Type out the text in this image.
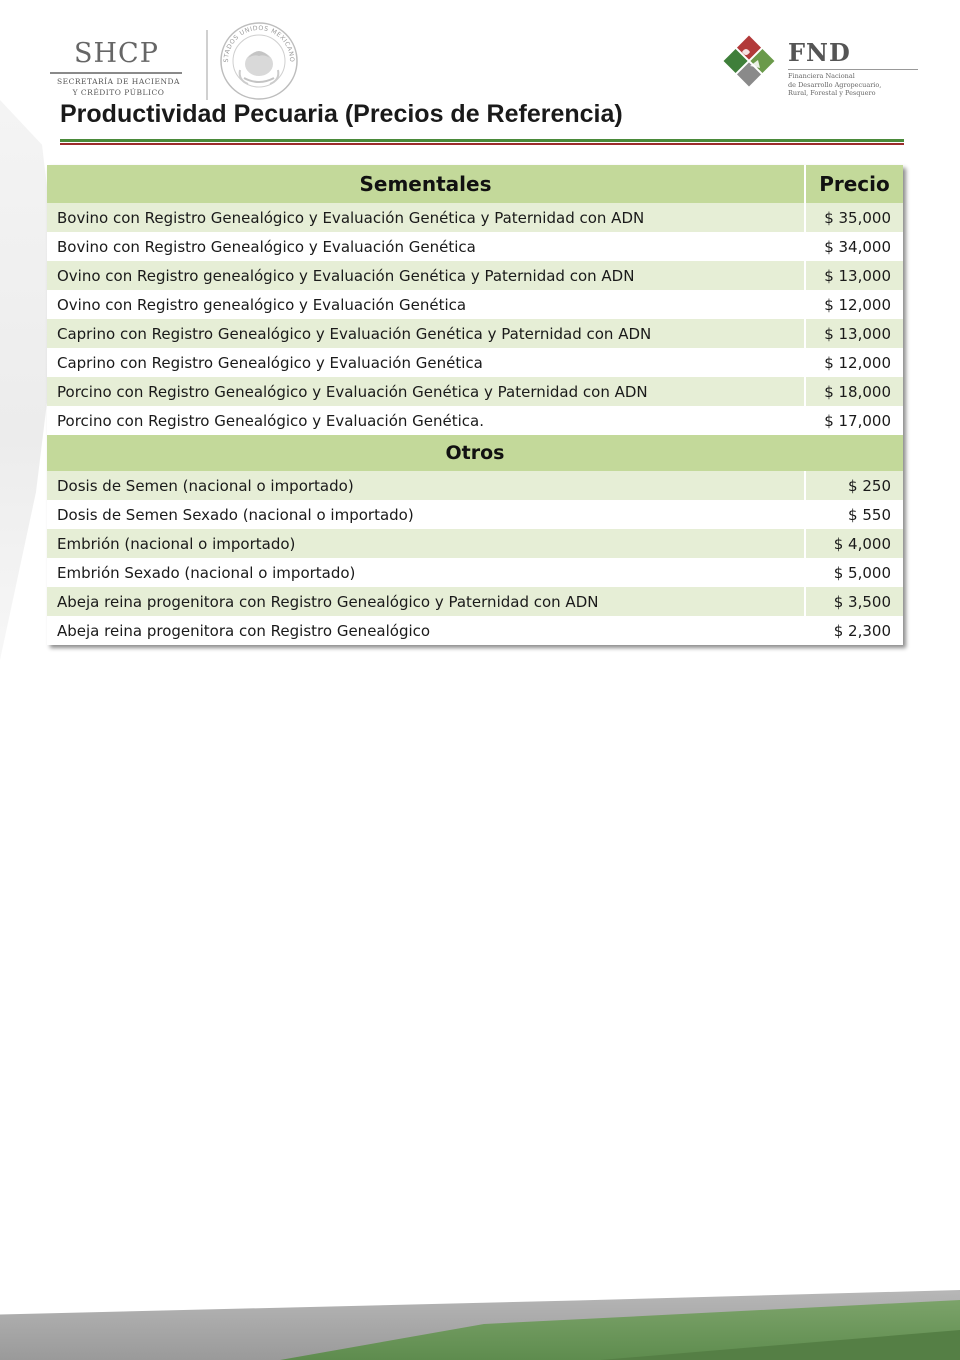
SHCP
SECRETARÍA DE HACIENDA
Y CRÉDITO PÚBLICO
STADOS UNIDOS MEXICANO	FND
Financiera Nacional
de Desarrollo Agropecuario,
Rural, Forestal y Pesquero
Productividad Pecuaria (Precios de Referencia)
Sementales	Precio
Bovino con Registro Genealógico y Evaluación Genética y Paternidad con ADN	$ 35,000
Bovino con Registro Genealógico y Evaluación Genética	$ 34,000
Ovino con Registro genealógico y Evaluación Genética y Paternidad con ADN	$ 13,000
Ovino con Registro genealógico y Evaluación Genética	$ 12,000
Caprino con Registro Genealógico y Evaluación Genética y Paternidad con ADN	$ 13,000
Caprino con Registro Genealógico y Evaluación Genética	$ 12,000
Porcino con Registro Genealógico y Evaluación Genética y Paternidad con ADN	$ 18,000
Porcino con Registro Genealógico y Evaluación Genética.	$ 17,000
Otros	
Dosis de Semen (nacional o importado)	$ 250
Dosis de Semen Sexado (nacional o importado)	$ 550
Embrión (nacional o importado)	$ 4,000
Embrión Sexado (nacional o importado)	$ 5,000
Abeja reina progenitora con Registro Genealógico y Paternidad con ADN	$ 3,500
Abeja reina progenitora con Registro Genealógico	$ 2,300
